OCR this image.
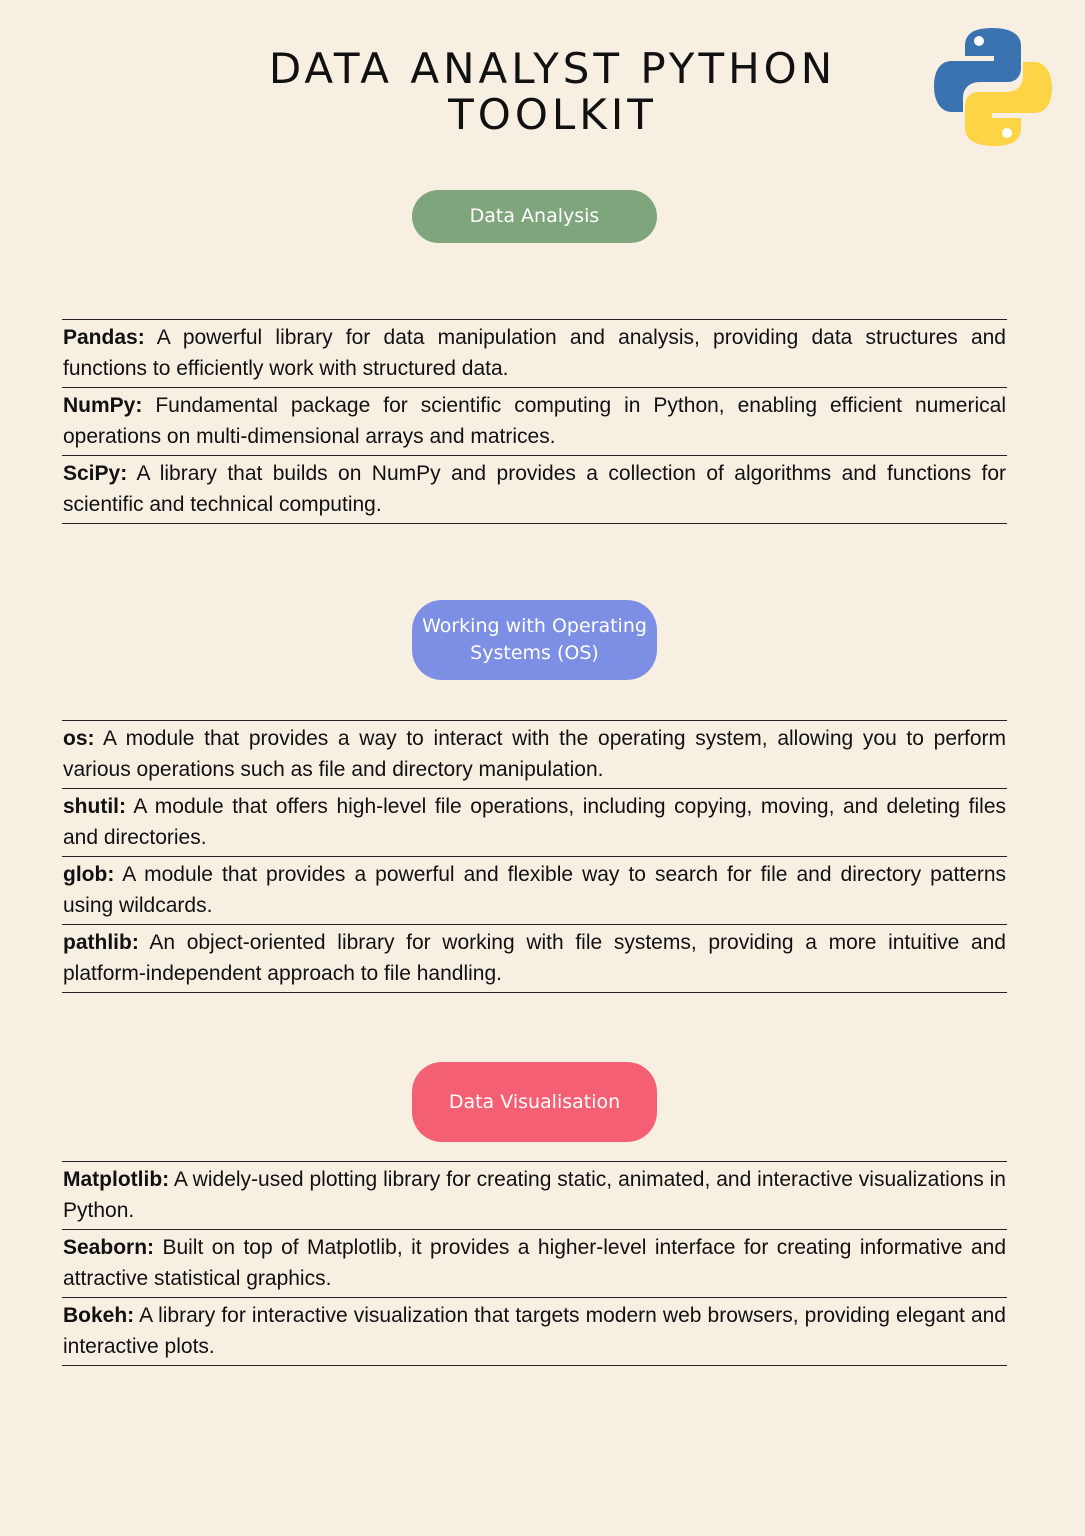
DATA ANALYST PYTHON TOOLKIT
Data Analysis
Pandas: A powerful library for data manipulation and analysis, providing data structures and functions to efficiently work with structured data.
NumPy: Fundamental package for scientific computing in Python, enabling efficient numerical operations on multi-dimensional arrays and matrices.
SciPy: A library that builds on NumPy and provides a collection of algorithms and functions for scientific and technical computing.
Working with Operating
Systems (OS)
os: A module that provides a way to interact with the operating system, allowing you to perform various operations such as file and directory manipulation.
shutil: A module that offers high-level file operations, including copying, moving, and deleting files and directories.
glob: A module that provides a powerful and flexible way to search for file and directory patterns using wildcards.
pathlib: An object-oriented library for working with file systems, providing a more intuitive and platform-independent approach to file handling.
Data Visualisation
Matplotlib: A widely-used plotting library for creating static, animated, and interactive visualizations in Python.
Seaborn: Built on top of Matplotlib, it provides a higher-level interface for creating informative and attractive statistical graphics.
Bokeh: A library for interactive visualization that targets modern web browsers, providing elegant and interactive plots.
